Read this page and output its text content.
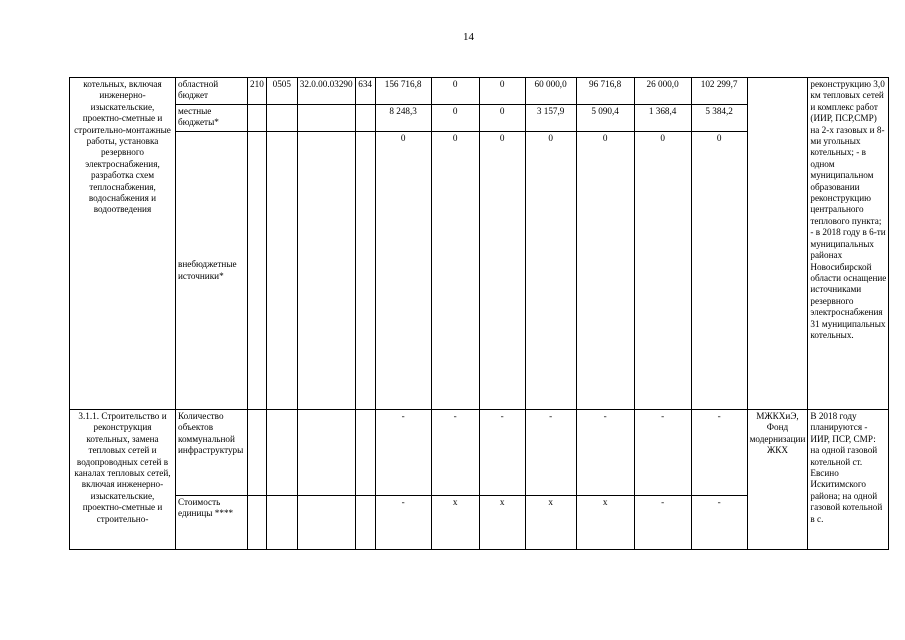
14
котельных, включая инженерно-изыскательские, проектно-сметные и строительно-монтажные работы, установка резервного электроснабжения, разработка схем теплоснабжения, водоснабжения и водоотведения	областной бюджет	210	0505	32.0.00.03290	634	156 716,8	0	0	60 000,0	96 716,8	26 000,0	102 299,7		реконструкцию 3,0 км тепловых сетей и комплекс работ (ИИР, ПСР,СМР) на 2-х газовых и 8-ми угольных котельных; - в одном муниципальном образовании реконструкцию центрального теплового пункта; - в 2018 году в 6-ти муниципальных районах Новосибирской области оснащение источниками резервного электроснабжения 31 муниципальных котельных.
	местные бюджеты*					8 248,3	0	0	3 157,9	5 090,4	1 368,4	5 384,2		
	внебюджетные источники*					0	0	0	0	0	0	0		
3.1.1. Строительство и реконструкция котельных, замена тепловых сетей и водопроводных сетей в каналах тепловых сетей, включая инженерно-изыскательские, проектно-сметные и строительно-	Количество объектов коммунальной инфраструктуры					-	-	-	-	-	-	-	МЖКХиЭ, Фонд модернизации ЖКХ	В 2018 году планируются - ИИР, ПСР, СМР: на одной газовой котельной ст. Евсино Искитимского района; на одной газовой котельной в с.
	Стоимость единицы ****					-	x	x	x	x	-	-		
